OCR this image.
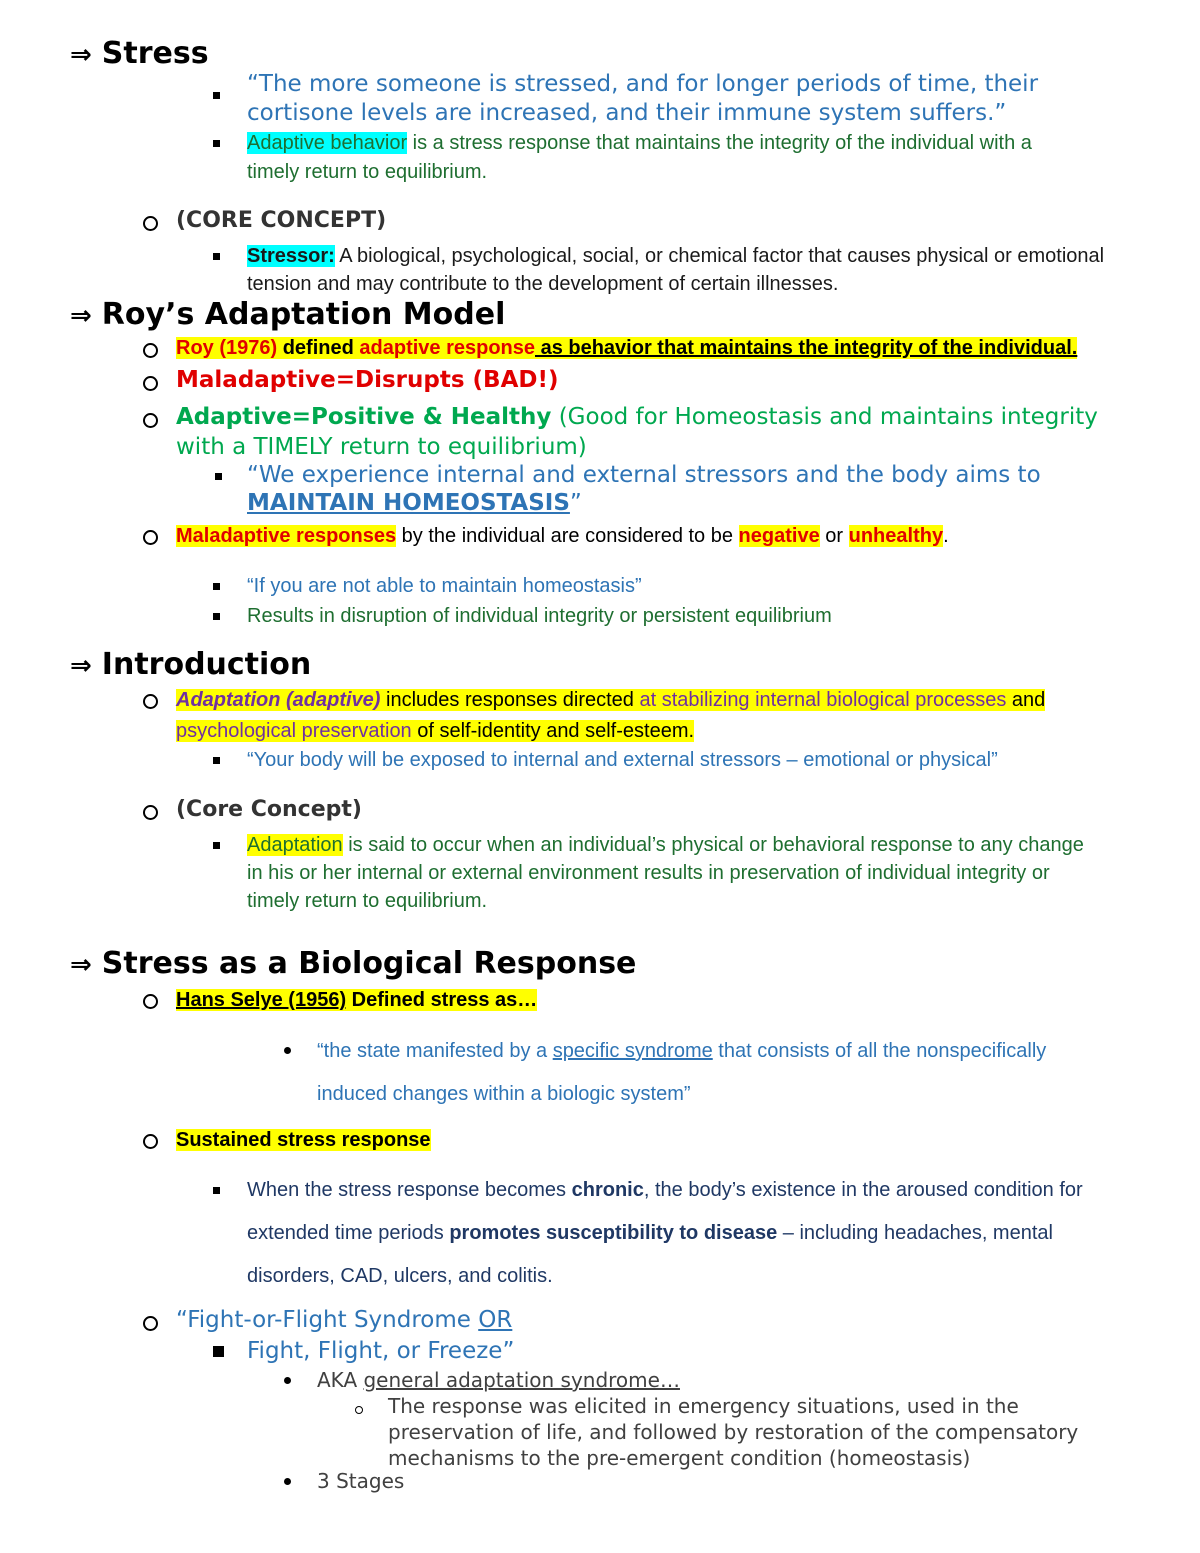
⇒ Stress
“The more someone is stressed, and for longer periods of time, their
cortisone levels are increased, and their immune system suffers.”
Adaptive behavior is a stress response that maintains the integrity of the individual with a
timely return to equilibrium.
(CORE CONCEPT)
Stressor: A biological, psychological, social, or chemical factor that causes physical or emotional
tension and may contribute to the development of certain illnesses.
⇒ Roy’s Adaptation Model
Roy (1976) defined adaptive response as behavior that maintains the integrity of the individual.
Maladaptive=Disrupts (BAD!)
Adaptive=Positive & Healthy (Good for Homeostasis and maintains integrity
with a TIMELY return to equilibrium)
“We experience internal and external stressors and the body aims to
MAINTAIN HOMEOSTASIS”
Maladaptive responses by the individual are considered to be negative or unhealthy.
“If you are not able to maintain homeostasis”
Results in disruption of individual integrity or persistent equilibrium
⇒ Introduction
Adaptation (adaptive) includes responses directed at stabilizing internal biological processes and
psychological preservation of self-identity and self-esteem.
“Your body will be exposed to internal and external stressors – emotional or physical”
(Core Concept)
Adaptation is said to occur when an individual’s physical or behavioral response to any change
in his or her internal or external environment results in preservation of individual integrity or
timely return to equilibrium.
⇒ Stress as a Biological Response
Hans Selye (1956) Defined stress as…
“the state manifested by a specific syndrome that consists of all the nonspecifically
induced changes within a biologic system”
Sustained stress response
When the stress response becomes chronic, the body’s existence in the aroused condition for
extended time periods promotes susceptibility to disease – including headaches, mental
disorders, CAD, ulcers, and colitis.
“Fight-or-Flight Syndrome OR
Fight, Flight, or Freeze”
AKA general adaptation syndrome…
The response was elicited in emergency situations, used in the
preservation of life, and followed by restoration of the compensatory
mechanisms to the pre-emergent condition (homeostasis)
3 Stages
